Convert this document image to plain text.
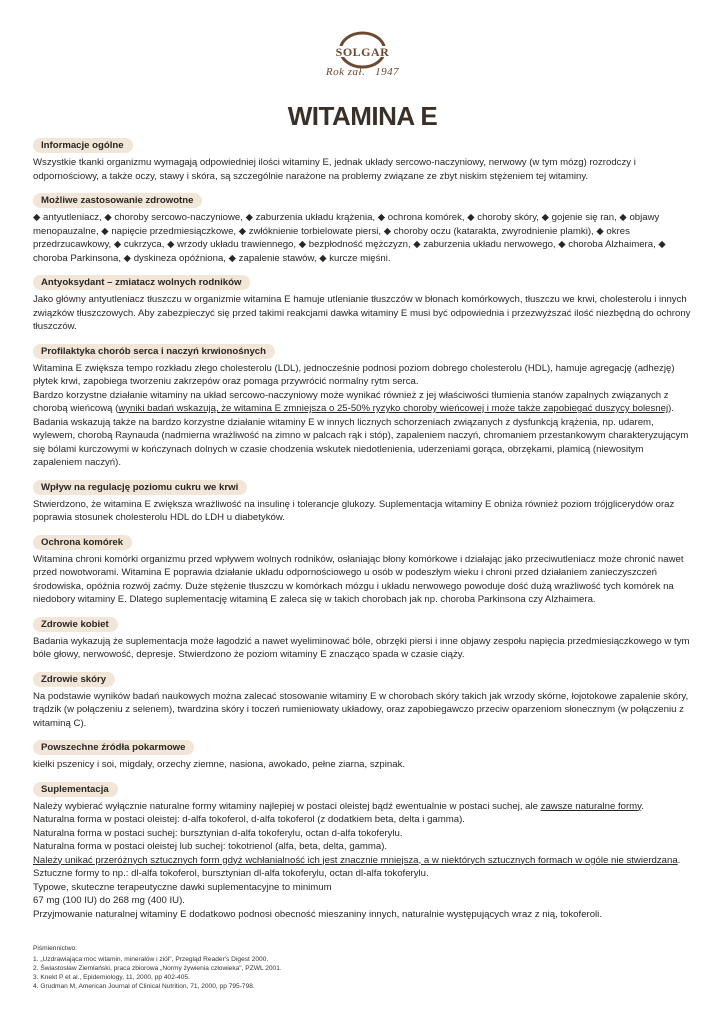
SOLGAR
Rok zał. 1947
WITAMINA E
Informacje ogólne

Wszystkie tkanki organizmu wymagają odpowiedniej ilości witaminy E, jednak układy sercowo-naczyniowy, nerwowy (w tym mózg) rozrodczy i odpornościowy, a także oczy, stawy i skóra, są szczególnie narażone na problemy związane ze zbyt niskim stężeniem tej witaminy.

Możliwe zastosowanie zdrowotne

◆ antyutleniacz, ◆ choroby sercowo-naczyniowe, ◆ zaburzenia układu krążenia, ◆ ochrona komórek, ◆ choroby skóry, ◆ gojenie się ran, ◆ objawy menopauzalne, ◆ napięcie przedmiesiączkowe, ◆ zwłóknienie torbielowate piersi, ◆ choroby oczu (katarakta, zwyrodnienie plamki), ◆ okres przedrzucawkowy, ◆ cukrzyca, ◆ wrzody układu trawiennego, ◆ bezpłodność mężczyzn, ◆ zaburzenia układu nerwowego, ◆ choroba Alzhaimera, ◆ choroba Parkinsona, ◆ dyskineza opóźniona, ◆ zapalenie stawów, ◆ kurcze mięśni.

Antyoksydant – zmiatacz wolnych rodników

Jako główny antyutleniacz tłuszczu w organizmie witamina E hamuje utlenianie tłuszczów w błonach komórkowych, tłuszczu we krwi, cholesterolu i innych związków tłuszczowych. Aby zabezpieczyć się przed takimi reakcjami dawka witaminy E musi być odpowiednia i przezwyższać ilość niezbędną do ochrony tłuszczów.

Profilaktyka chorób serca i naczyń krwionośnych

Witamina E zwiększa tempo rozkładu złego cholesterolu (LDL), jednocześnie podnosi poziom dobrego cholesterolu (HDL), hamuje agregację (adhezję) płytek krwi, zapobiega tworzeniu zakrzepów oraz pomaga przywrócić normalny rytm serca.

Bardzo korzystne działanie witaminy na układ sercowo-naczyniowy może wynikać również z jej właściwości tłumienia stanów zapalnych związanych z chorobą wieńcową (wyniki badań wskazują, że witamina E zmniejsza o 25-50% ryzyko choroby wieńcowej i może także zapobiegać duszycy bolesnej).

Badania wskazują także na bardzo korzystne działanie witaminy E w innych licznych schorzeniach związanych z dysfunkcją krążenia, np. udarem, wylewem, chorobą Raynauda (nadmierna wrażliwość na zimno w palcach rąk i stóp), zapaleniem naczyń, chromaniem przestankowym charakteryzującym się bólami kurczowymi w kończynach dolnych w czasie chodzenia wskutek niedotlenienia, uderzeniami gorąca, obrzękami, plamicą (niewositym zapaleniem naczyń).

Wpływ na regulację poziomu cukru we krwi

Stwierdzono, że witamina E zwiększa wrażliwość na insulinę i tolerancje glukozy. Suplementacja witaminy E obniża również poziom trójglicerydów oraz poprawia stosunek cholesterolu HDL do LDH u diabetyków.

Ochrona komórek

Witamina chroni komórki organizmu przed wpływem wolnych rodników, osłaniając błony komórkowe i działając jako przeciwutleniacz może chronić nawet przed nowotworami. Witamina E poprawia działanie układu odpornościowego u osób w podeszłym wieku i chroni przed działaniem zanieczyszczeń środowiska, opóźnia rozwój zaćmy. Duże stężenie tłuszczu w komórkach mózgu i układu nerwowego powoduje dość dużą wrażliwość tych komórek na niedobory witaminy E. Dlatego suplementację witaminą E zaleca się w takich chorobach jak np. choroba Parkinsona czy Alzhaimera.

Zdrowie kobiet

Badania wykazują że suplementacja może łagodzić a nawet wyeliminować bóle, obrzęki piersi i inne objawy zespołu napięcia przedmiesiączkowego w tym bóle głowy, nerwowość, depresje. Stwierdzono że poziom witaminy E znacząco spada w czasie ciąży.

Zdrowie skóry

Na podstawie wyników badań naukowych można zalecać stosowanie witaminy E w chorobach skóry takich jak wrzody skórne, łojotokowe zapalenie skóry, trądzik (w połączeniu z selenem), twardzina skóry i toczeń rumieniowaty układowy, oraz zapobiegawczo przeciw oparzeniom słonecznym (w połączeniu z witaminą C).

Powszechne źródła pokarmowe

kiełki pszenicy i soi, migdały, orzechy ziemne, nasiona, awokado, pełne ziarna, szpinak.

Suplementacja

Należy wybierać wyłącznie naturalne formy witaminy najlepiej w postaci oleistej bądź ewentualnie w postaci suchej, ale zawsze naturalne formy.

Naturalna forma w postaci oleistej: d-alfa tokoferol, d-alfa tokoferol (z dodatkiem beta, delta i gamma).

Naturalna forma w postaci suchej: bursztynian d-alfa tokoferylu, octan d-alfa tokoferylu.

Naturalna forma w postaci oleistej lub suchej: tokotrienol (alfa, beta, delta, gamma).

Należy unikać przeróżnych sztucznych form gdyż wchłanialność ich jest znacznie mniejsza, a w niektórych sztucznych formach w ogóle nie stwierdzana.

Sztuczne formy to np.: dl-alfa tokoferol, bursztynian dl-alfa tokoferylu, octan dl-alfa tokoferylu.

Typowe, skuteczne terapeutyczne dawki suplementacyjne to minimum

67 mg (100 IU) do 268 mg (400 IU).

Przyjmowanie naturalnej witaminy E dodatkowo podnosi obecność mieszaniny innych, naturalnie występujących wraz z nią, tokoferoli.

Piśmiennictwo:
1. „Uzdrawiająca moc witamin, minerałów i ziół", Przegląd Reader's Digest 2000.
2. Świastosław Ziemlański, praca zbiorowa „Normy żywienia człowieka", PZWL 2001.
3. Knekt P et al., Epidemiology, 11, 2000, pp 402-405.
4. Grudman M, American Journal of Clinical Nutrition, 71, 2000, pp 795-798.
